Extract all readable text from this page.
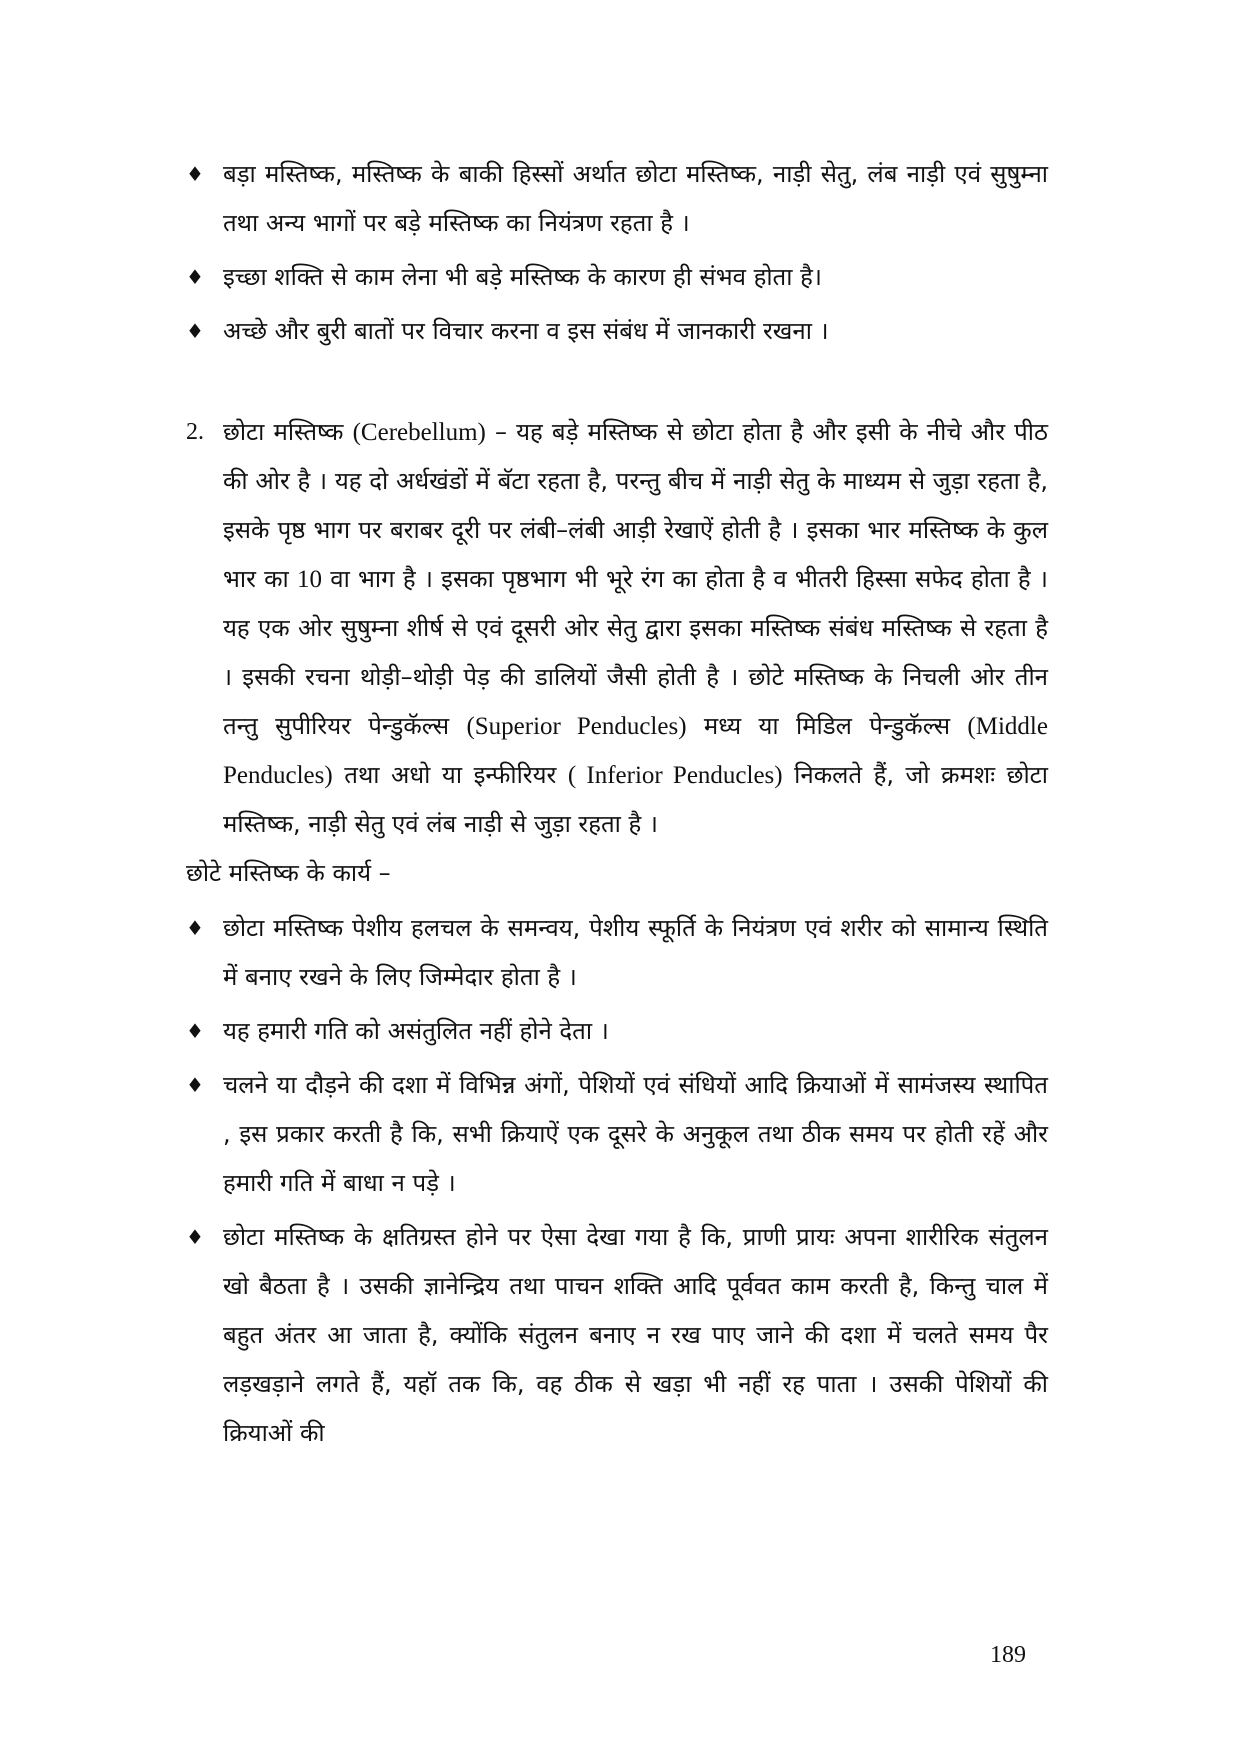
♦ बड़ा मस्तिष्क, मस्तिष्क के बाकी हिस्सों अर्थात छोटा मस्तिष्क, नाड़ी सेतु, लंब नाड़ी एवं सुषुम्ना तथा अन्य भागों पर बड़े मस्तिष्क का नियंत्रण रहता है ।
♦ इच्छा शक्ति से काम लेना भी बड़े मस्तिष्क के कारण ही संभव होता है।
♦ अच्छे और बुरी बातों पर विचार करना व इस संबंध में जानकारी रखना ।
2. छोटा मस्तिष्क (Cerebellum) – यह बड़े मस्तिष्क से छोटा होता है और इसी के नीचे और पीठ की ओर है । यह दो अर्धखंडों में बॅटा रहता है, परन्तु बीच में नाड़ी सेतु के माध्यम से जुड़ा रहता है, इसके पृष्ठ भाग पर बराबर दूरी पर लंबी–लंबी आड़ी रेखाऐं होती है । इसका भार मस्तिष्क के कुल भार का 10 वा भाग है । इसका पृष्ठभाग भी भूरे रंग का होता है व भीतरी हिस्सा सफेद होता है । यह एक ओर सुषुम्ना शीर्ष से एवं दूसरी ओर सेतु द्वारा इसका मस्तिष्क संबंध मस्तिष्क से रहता है । इसकी रचना थोड़ी–थोड़ी पेड़ की डालियों जैसी होती है । छोटे मस्तिष्क के निचली ओर तीन तन्तु सुपीरियर पेन्डुकॅल्स (Superior Penducles) मध्य या मिडिल पेन्डुकॅल्स (Middle Penducles) तथा अधो या इन्फीरियर ( Inferior Penducles) निकलते हैं, जो क्रमशः छोटा मस्तिष्क, नाड़ी सेतु एवं लंब नाड़ी से जुड़ा रहता है ।
छोटे मस्तिष्क के कार्य –
♦ छोटा मस्तिष्क पेशीय हलचल के समन्वय, पेशीय स्फूर्ति के नियंत्रण एवं शरीर को सामान्य स्थिति में बनाए रखने के लिए जिम्मेदार होता है ।
♦ यह हमारी गति को असंतुलित नहीं होने देता ।
♦ चलने या दौड़ने की दशा में विभिन्न अंगों, पेशियों एवं संधियों आदि क्रियाओं में सामंजस्य स्थापित , इस प्रकार करती है कि, सभी क्रियाऐं एक दूसरे के अनुकूल तथा ठीक समय पर होती रहें और हमारी गति में बाधा न पड़े ।
♦ छोटा मस्तिष्क के क्षतिग्रस्त होने पर ऐसा देखा गया है कि, प्राणी प्रायः अपना शारीरिक संतुलन खो बैठता है । उसकी ज्ञानेन्द्रिय तथा पाचन शक्ति आदि पूर्ववत काम करती है, किन्तु चाल में बहुत अंतर आ जाता है, क्योंकि संतुलन बनाए न रख पाए जाने की दशा में चलते समय पैर लड़खड़ाने लगते हैं, यहॉ तक कि, वह ठीक से खड़ा भी नहीं रह पाता । उसकी पेशियों की क्रियाओं की
189
